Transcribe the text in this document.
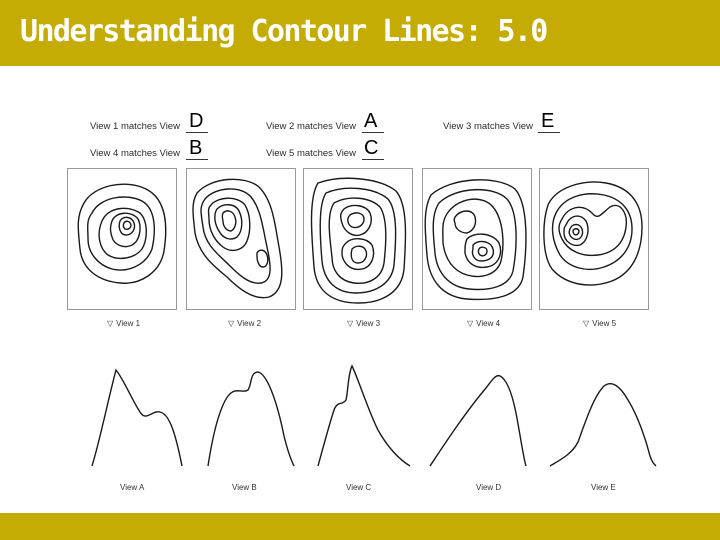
Understanding Contour Lines: 5.0
View 1 matches View D
View 4 matches View B
View 2 matches View A
View 5 matches View C
View 3 matches View E
▽ View 1	▽ View 2	▽ View 3	▽ View 4	▽ View 5
View A	View B	View C	View D	View E
